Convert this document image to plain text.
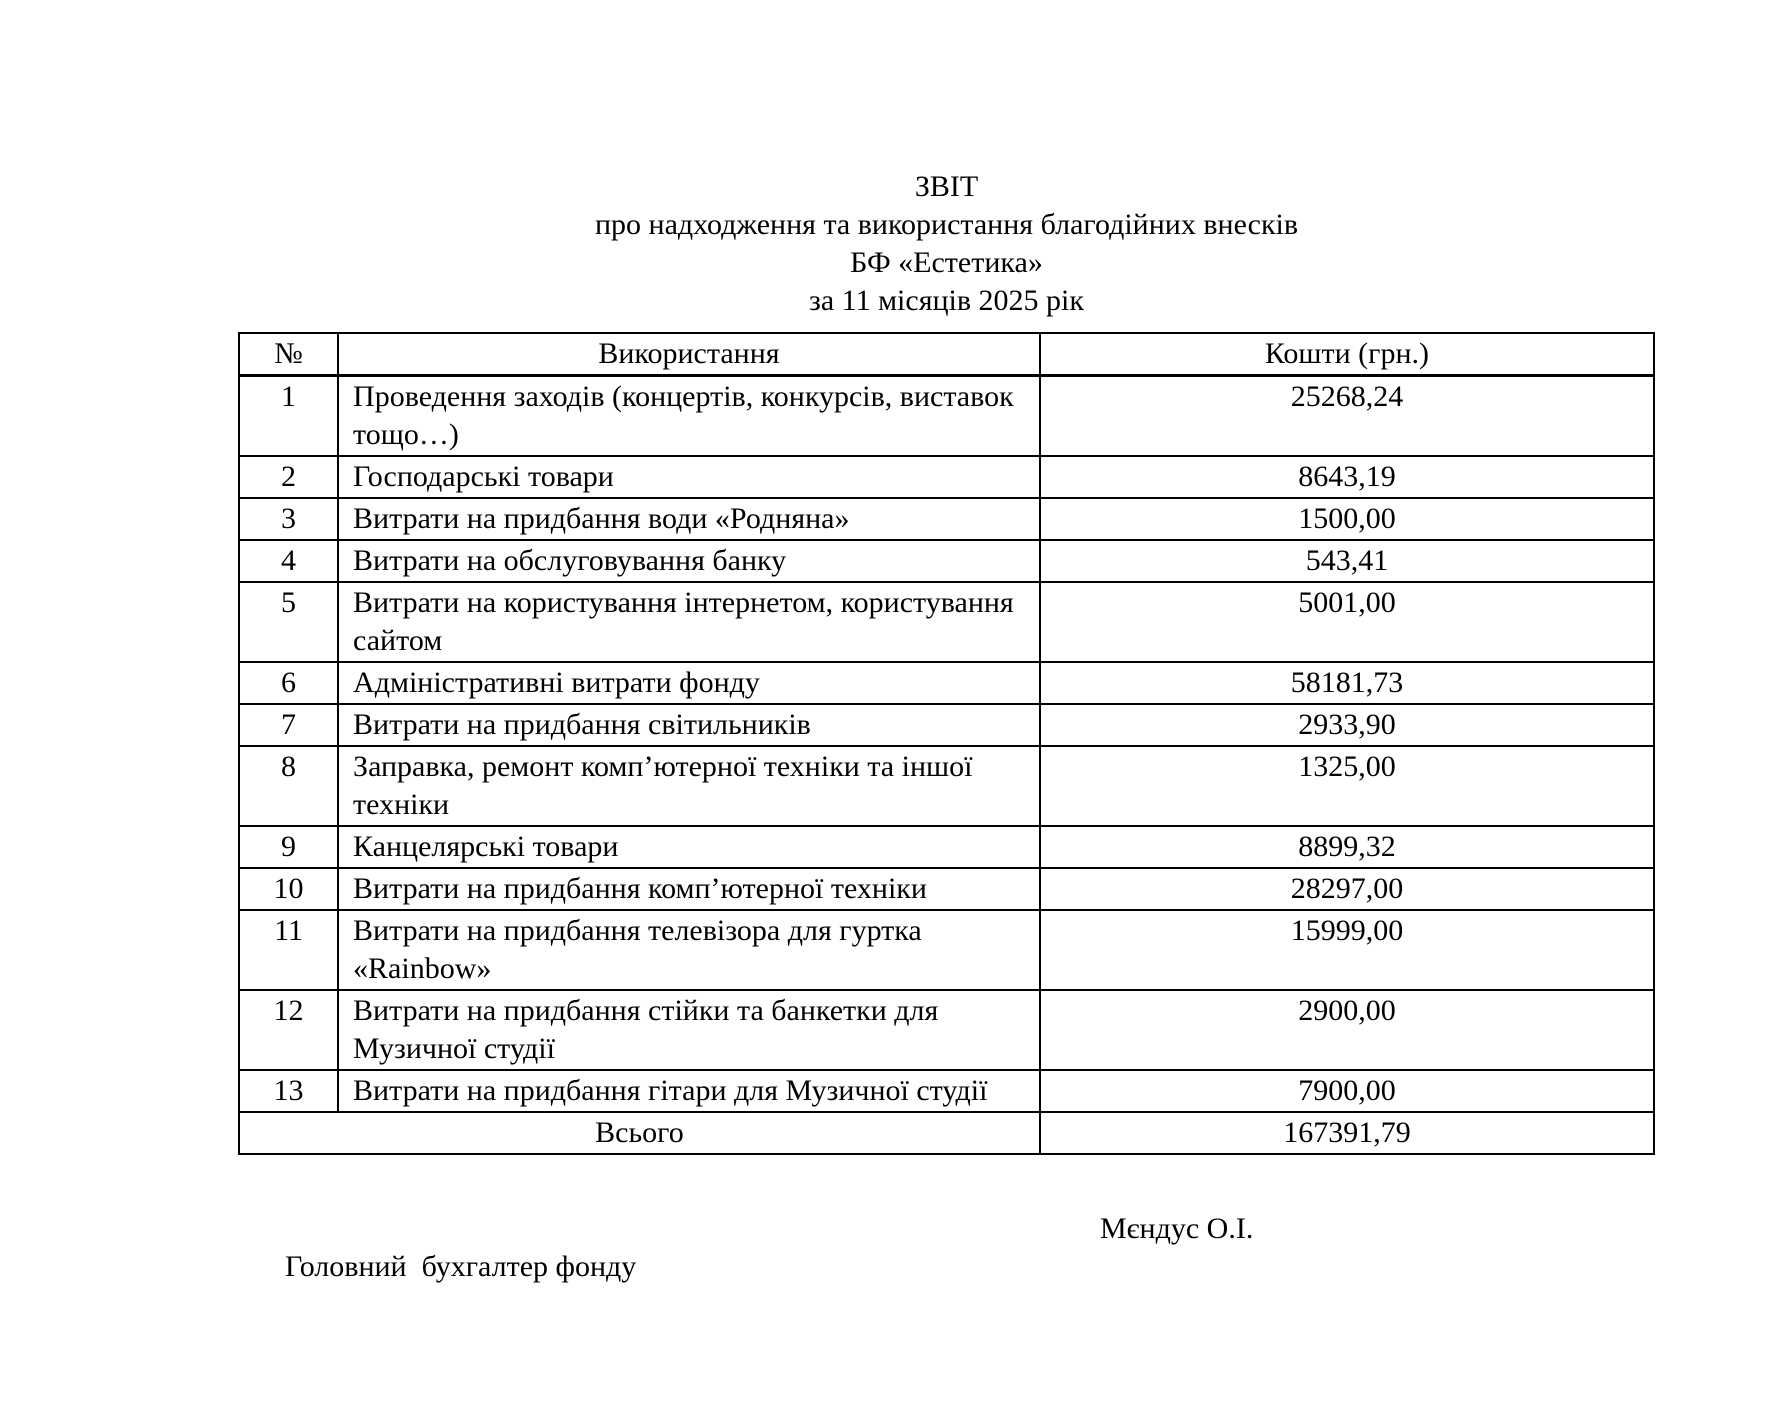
ЗВІТ
про надходження та використання благодійних внесків
БФ «Естетика»
за 11 місяців 2025 рік
№	Використання	Кошти (грн.)
1	Проведення заходів (концертів, конкурсів, виставок тощо…)	25268,24
2	Господарські товари	8643,19
3	Витрати на придбання води «Родняна»	1500,00
4	Витрати на обслуговування банку	543,41
5	Витрати на користування інтернетом, користування сайтом	5001,00
6	Адміністративні витрати фонду	58181,73
7	Витрати на придбання світильників	2933,90
8	Заправка, ремонт комп’ютерної техніки та іншої техніки	1325,00
9	Канцелярські товари	8899,32
10	Витрати на придбання комп’ютерної техніки	28297,00
11	Витрати на придбання телевізора для гуртка «Rainbow»	15999,00
12	Витрати на придбання стійки та банкетки для Музичної студії	2900,00
13	Витрати на придбання гітари для Музичної студії	7900,00
Всього		167391,79

Головний  бухгалтер фонду

Мєндус О.І.
